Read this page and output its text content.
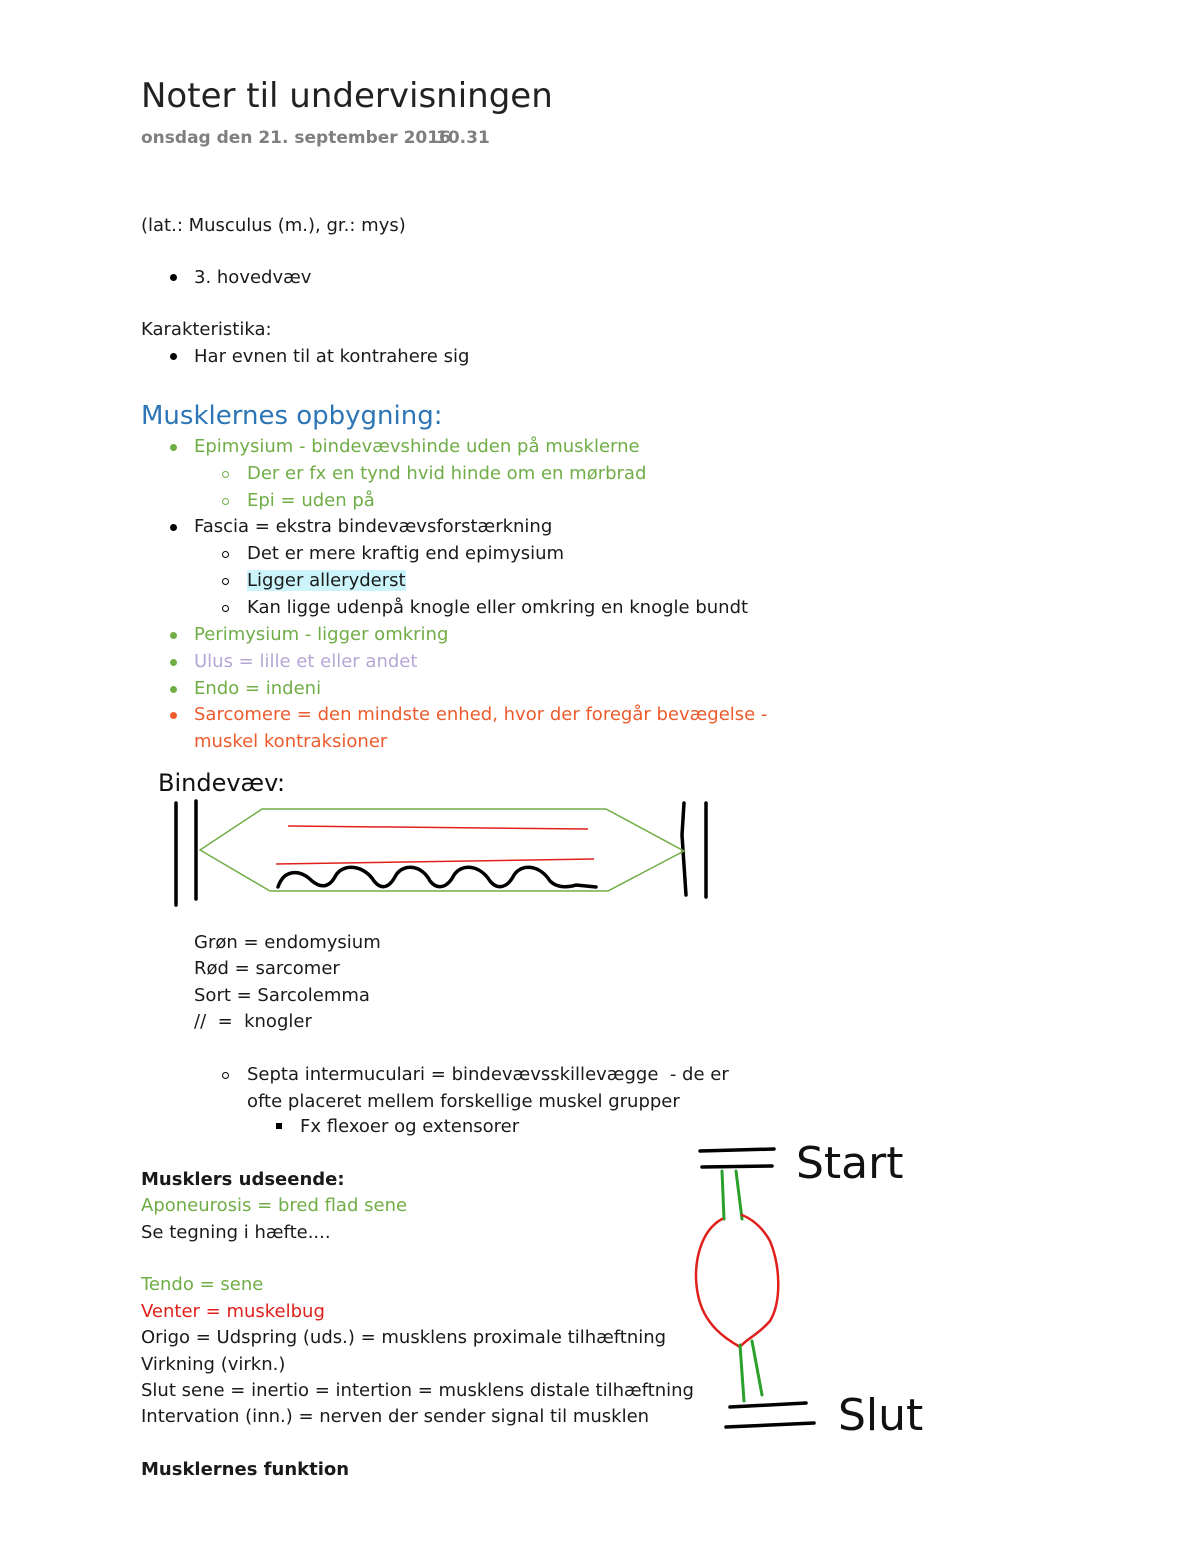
Noter til undervisningen
onsdag den 21. september 2016
10.31
(lat.: Musculus (m.), gr.: mys)
3. hovedvæv
Karakteristika:
Har evnen til at kontrahere sig
Musklernes opbygning:
Epimysium - bindevævshinde uden på musklerne
Der er fx en tynd hvid hinde om en mørbrad
Epi = uden på
Fascia = ekstra bindevævsforstærkning
Det er mere kraftig end epimysium
Ligger alleryderst
Kan ligge udenpå knogle eller omkring en knogle bundt
Perimysium - ligger omkring
Ulus = lille et eller andet
Endo = indeni
Sarcomere = den mindste enhed, hvor der foregår bevægelse -
muskel kontraksioner
Bindevæv:
Grøn = endomysium
Rød = sarcomer
Sort = Sarcolemma
//  =  knogler
Septa intermuculari = bindevævsskillevægge  - de er
ofte placeret mellem forskellige muskel grupper
Fx flexoer og extensorer
Musklers udseende:
Aponeurosis = bred flad sene
Se tegning i hæfte....
Tendo = sene
Venter = muskelbug
Origo = Udspring (uds.) = musklens proximale tilhæftning
Virkning (virkn.)
Slut sene = inertio = intertion = musklens distale tilhæftning
Intervation (inn.) = nerven der sender signal til musklen
Musklernes funktion
Start
Slut
